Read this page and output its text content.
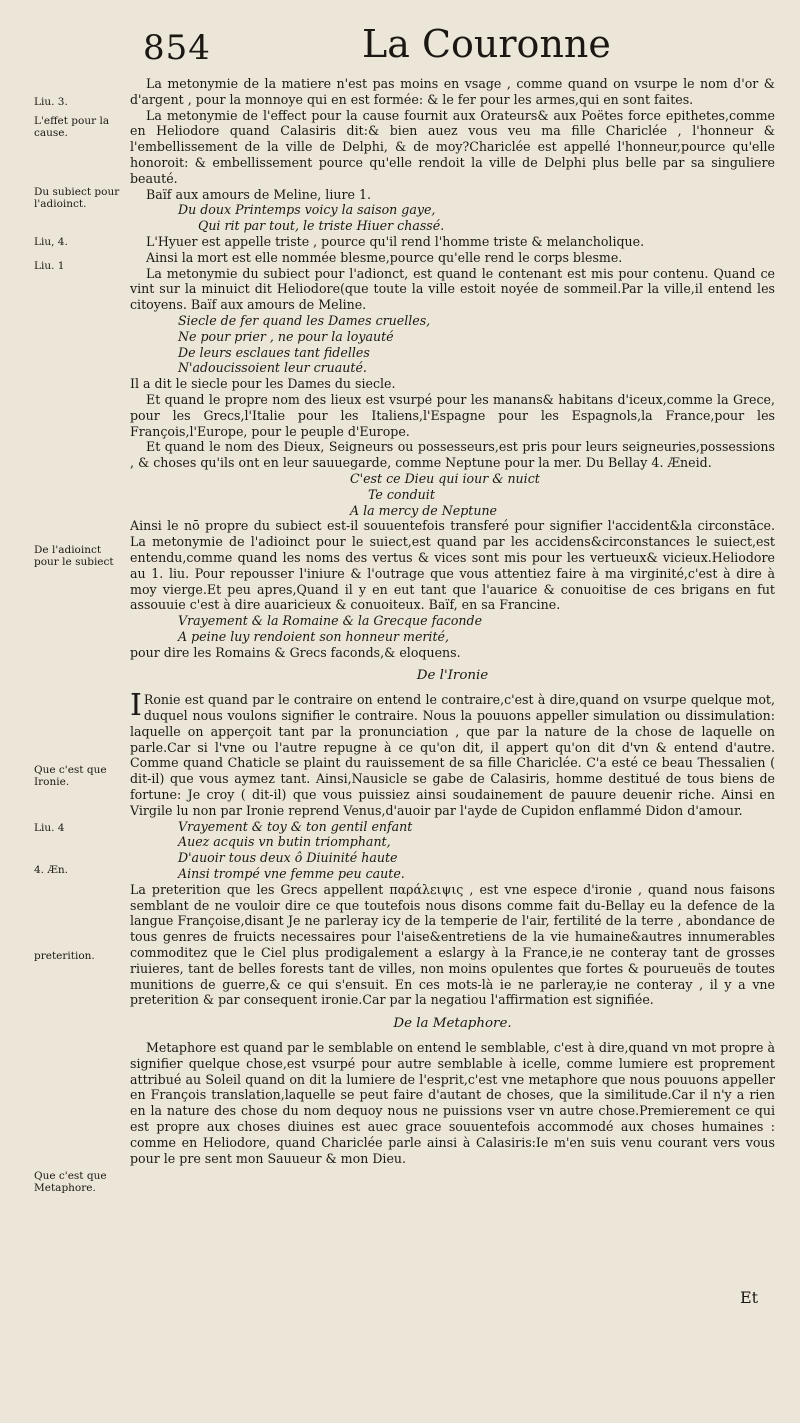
854	La Couronne
Liu. 3.
L'effet pour la cause.
Du subiect pour l'adioinct.
Liu, 4.
Liu. 1
De l'adioinct pour le subiect
Que c'est que Ironie.
Liu. 4
4. Æn.
preterition.
Que c'est que Metaphore.

La metonymie de la matiere n'est pas moins en vsage , comme quand on vsurpe le nom d'or & d'argent , pour la monnoye qui en est formée: & le fer pour les armes,qui en sont faites.

La metonymie de l'effect pour la cause fournit aux Orateurs& aux Poëtes force epithetes,comme en Heliodore quand Calasiris dit:& bien auez vous veu ma fille Chariclée , l'honneur & l'embellissement de la ville de Delphi, & de moy?Chariclée est appellé l'honneur,pource qu'elle honoroit: & embellissement pource qu'elle rendoit la ville de Delphi plus belle par sa singuliere beauté.

Baïf aux amours de Meline, liure 1.

Du doux Printemps voicy la saison gaye,

Qui rit par tout, le triste Hiuer chassé.

L'Hyuer est appelle triste , pource qu'il rend l'homme triste & melancholique.

Ainsi la mort est elle nommée blesme,pource qu'elle rend le corps blesme.

La metonymie du subiect pour l'adionct, est quand le contenant est mis pour contenu. Quand ce vint sur la minuict dit Heliodore(que toute la ville estoit noyée de sommeil.Par la ville,il entend les citoyens. Baïf aux amours de Meline.

Siecle de fer quand les Dames cruelles,

Ne pour prier , ne pour la loyauté

De leurs esclaues tant fidelles

N'adoucissoient leur cruauté.

Il a dit le siecle pour les Dames du siecle.

Et quand le propre nom des lieux est vsurpé pour les manans& habitans d'iceux,comme la Grece, pour les Grecs,l'Italie pour les Italiens,l'Espagne pour les Espagnols,la France,pour les François,l'Europe, pour le peuple d'Europe.

Et quand le nom des Dieux, Seigneurs ou possesseurs,est pris pour leurs seigneuries,possessions , & choses qu'ils ont en leur sauuegarde, comme Neptune pour la mer. Du Bellay 4. Æneid.

C'est ce Dieu qui iour & nuict

Te conduit

A la mercy de Neptune

Ainsi le nō propre du subiect est-il souuentefois transferé pour signifier l'accident&la circonstāce. La metonymie de l'adioinct pour le suiect,est quand par les accidens&circonstances le suiect,est entendu,comme quand les noms des vertus & vices sont mis pour les vertueux& vicieux.Heliodore au 1. liu. Pour repousser l'iniure & l'outrage que vous attentiez faire à ma virginité,c'est à dire à moy vierge.Et peu apres,Quand il y en eut tant que l'auarice & conuoitise de ces brigans en fut assouuie c'est à dire auaricieux & conuoiteux. Baïf, en sa Francine.

Vrayement & la Romaine & la Grecque faconde

A peine luy rendoient son honneur merité,

pour dire les Romains & Grecs faconds,& eloquens.

De l'Ironie

I Ronie est quand par le contraire on entend le contraire,c'est à dire,quand on vsurpe quelque mot, duquel nous voulons signifier le contraire. Nous la pouuons appeller simulation ou dissimulation: laquelle on apperçoit tant par la pronunciation , que par la nature de la chose de laquelle on parle.Car si l'vne ou l'autre repugne à ce qu'on dit, il appert qu'on dit d'vn & entend d'autre. Comme quand Chaticle se plaint du rauissement de sa fille Chariclée. C'a esté ce beau Thessalien ( dit-il) que vous aymez tant. Ainsi,Nausicle se gabe de Calasiris, homme destitué de tous biens de fortune: Je croy ( dit-il) que vous puissiez ainsi soudainement de pauure deuenir riche. Ainsi en Virgile lu non par Ironie reprend Venus,d'auoir par l'ayde de Cupidon enflammé Didon d'amour.

Vrayement & toy & ton gentil enfant

Auez acquis vn butin triomphant,

D'auoir tous deux ô Diuinité haute

Ainsi trompé vne femme peu caute.

La preterition que les Grecs appellent παράλειψις , est vne espece d'ironie , quand nous faisons semblant de ne vouloir dire ce que toutefois nous disons comme fait du-Bellay eu la defence de la langue Françoise,disant Je ne parleray icy de la temperie de l'air, fertilité de la terre , abondance de tous genres de fruicts necessaires pour l'aise&entretiens de la vie humaine&autres innumerables commoditez que le Ciel plus prodigalement a eslargy à la France,ie ne conteray tant de grosses riuieres, tant de belles forests tant de villes, non moins opulentes que fortes & pourueuës de toutes munitions de guerre,& ce qui s'ensuit. En ces mots-là ie ne parleray,ie ne conteray , il y a vne preterition & par consequent ironie.Car par la negatiou l'affirmation est signifiée.

De la Metaphore.

Metaphore est quand par le semblable on entend le semblable, c'est à dire,quand vn mot propre à signifier quelque chose,est vsurpé pour autre semblable à icelle, comme lumiere est proprement attribué au Soleil quand on dit la lumiere de l'esprit,c'est vne metaphore que nous pouuons appeller en François translation,laquelle se peut faire d'autant de choses, que la similitude.Car il n'y a rien en la nature des chose du nom dequoy nous ne puissions vser vn autre chose.Premierement ce qui est propre aux choses diuines est auec grace souuentefois accommodé aux choses humaines : comme en Heliodore, quand Chariclée parle ainsi à Calasiris:Ie m'en suis venu courant vers vous pour le pre sent mon Sauueur & mon Dieu.

Et
